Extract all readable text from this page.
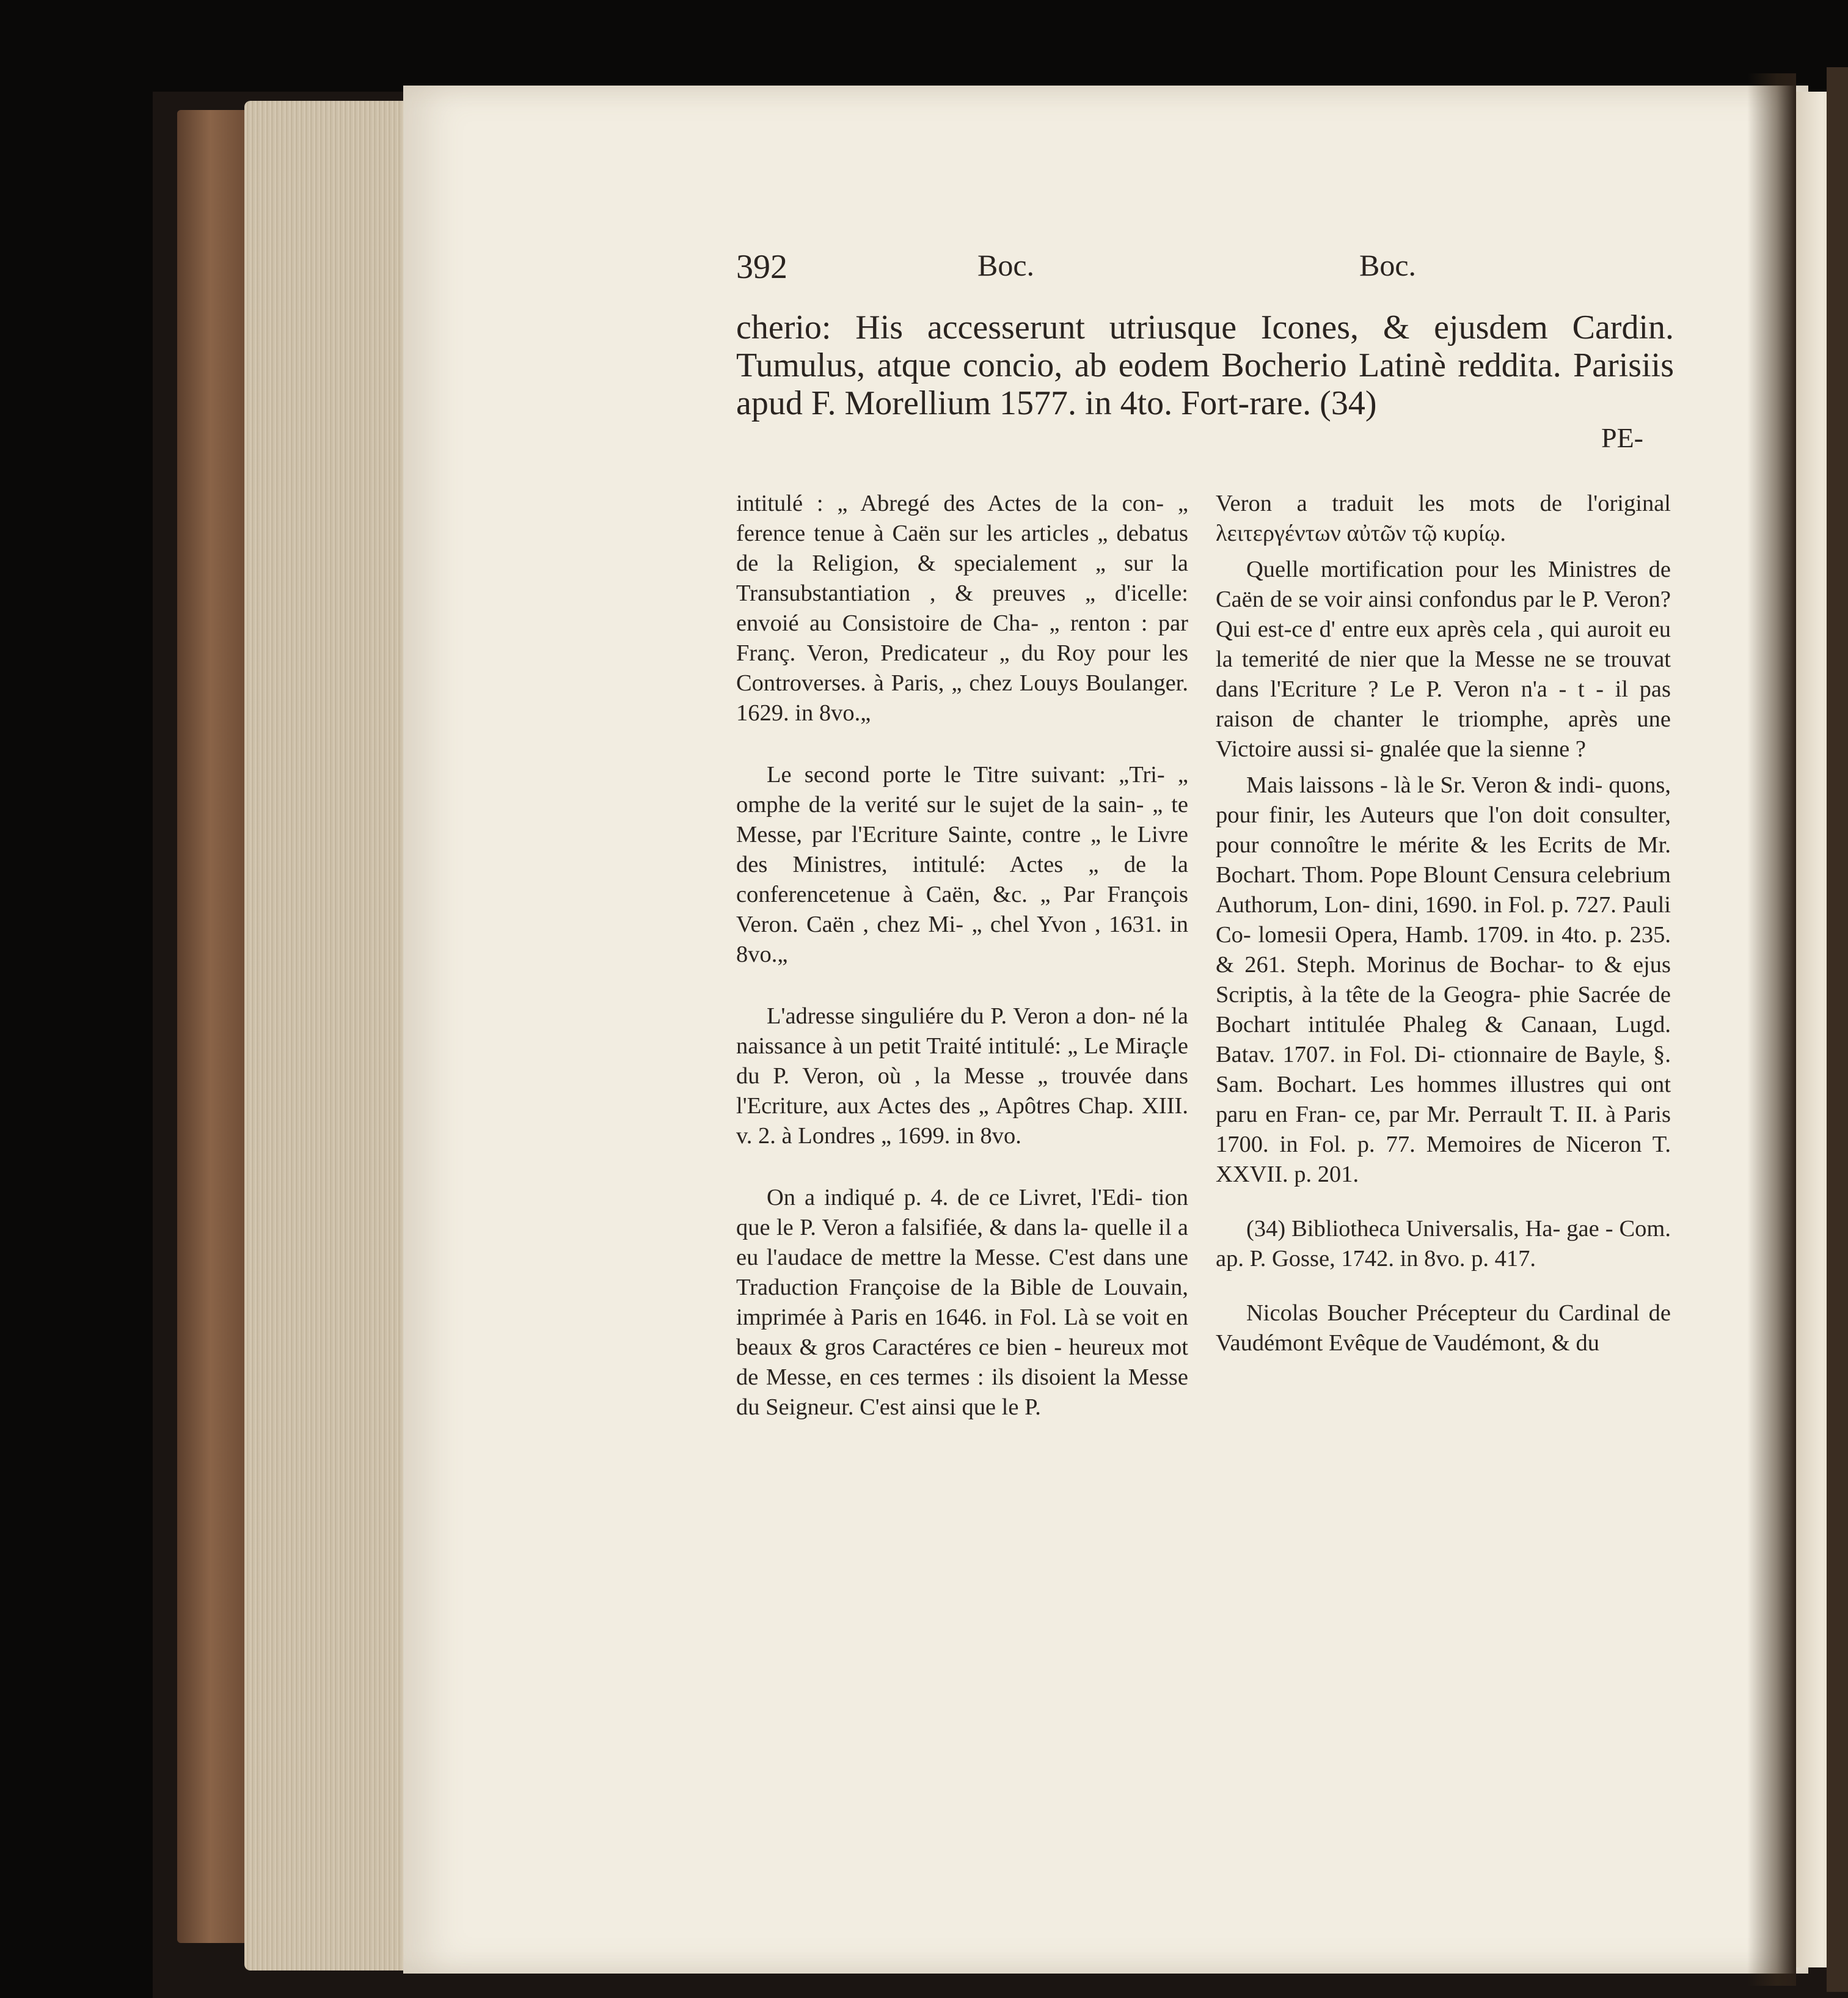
392	Boc.	Boc.

cherio: His accesserunt utriusque Icones, & ejusdem Cardin. Tumulus, atque concio, ab eodem Bocherio Latinè reddita. Parisiis apud F. Morellium 1577. in 4to. Fort-rare. (34)

PE-

intitulé : „ Abregé des Actes de la con- „ ference tenue à Caën sur les articles „ debatus de la Religion, & specialement „ sur la Transubstantiation , & preuves „ d'icelle: envoié au Consistoire de Cha- „ renton : par Franç. Veron, Predicateur „ du Roy pour les Controverses. à Paris, „ chez Louys Boulanger. 1629. in 8vo.„

Le second porte le Titre suivant: „Tri- „ omphe de la verité sur le sujet de la sain- „ te Messe, par l'Ecriture Sainte, contre „ le Livre des Ministres, intitulé: Actes „ de la conferencetenue à Caën, &c. „ Par François Veron. Caën , chez Mi- „ chel Yvon , 1631. in 8vo.„

L'adresse singuliére du P. Veron a don- né la naissance à un petit Traité intitulé: „ Le Miraçle du P. Veron, où , la Messe „ trouvée dans l'Ecriture, aux Actes des „ Apôtres Chap. XIII. v. 2. à Londres „ 1699. in 8vo.

On a indiqué p. 4. de ce Livret, l'Edi- tion que le P. Veron a falsifiée, & dans la- quelle il a eu l'audace de mettre la Messe. C'est dans une Traduction Françoise de la Bible de Louvain, imprimée à Paris en 1646. in Fol. Là se voit en beaux & gros Caractéres ce bien - heureux mot de Messe, en ces termes : ils disoient la Messe du Seigneur. C'est ainsi que le P.

Veron a traduit les mots de l'original λειτεργέντων αὐτῶν τῷ κυρίῳ.

Quelle mortification pour les Ministres de Caën de se voir ainsi confondus par le P. Veron? Qui est-ce d' entre eux après cela , qui auroit eu la temerité de nier que la Messe ne se trouvat dans l'Ecriture ? Le P. Veron n'a - t - il pas raison de chanter le triomphe, après une Victoire aussi si- gnalée que la sienne ?

Mais laissons - là le Sr. Veron & indi- quons, pour finir, les Auteurs que l'on doit consulter, pour connoître le mérite & les Ecrits de Mr. Bochart. Thom. Pope Blount Censura celebrium Authorum, Lon- dini, 1690. in Fol. p. 727. Pauli Co- lomesii Opera, Hamb. 1709. in 4to. p. 235. & 261. Steph. Morinus de Bochar- to & ejus Scriptis, à la tête de la Geogra- phie Sacrée de Bochart intitulée Phaleg & Canaan, Lugd. Batav. 1707. in Fol. Di- ctionnaire de Bayle, §. Sam. Bochart. Les hommes illustres qui ont paru en Fran- ce, par Mr. Perrault T. II. à Paris 1700. in Fol. p. 77. Memoires de Niceron T. XXVII. p. 201.

(34) Bibliotheca Universalis, Ha- gae - Com. ap. P. Gosse, 1742. in 8vo. p. 417.

Nicolas Boucher Précepteur du Cardinal de Vaudémont Evêque de Vaudémont, & du
